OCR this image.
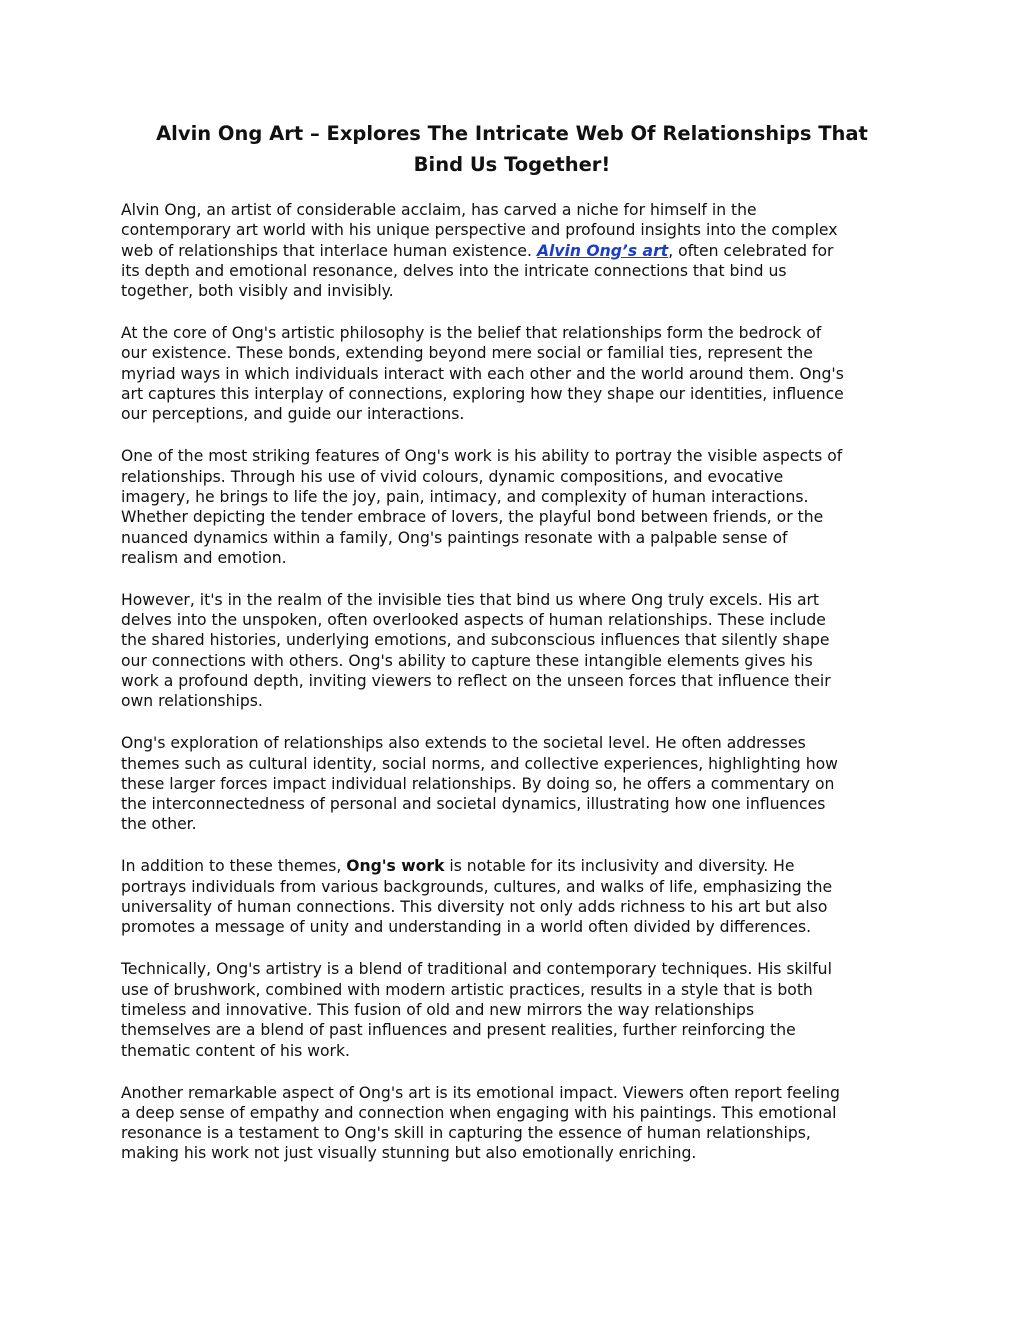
Alvin Ong Art – Explores The Intricate Web Of Relationships That
Bind Us Together!

Alvin Ong, an artist of considerable acclaim, has carved a niche for himself in the
contemporary art world with his unique perspective and profound insights into the complex
web of relationships that interlace human existence. Alvin Ong’s art, often celebrated for
its depth and emotional resonance, delves into the intricate connections that bind us
together, both visibly and invisibly.

At the core of Ong's artistic philosophy is the belief that relationships form the bedrock of
our existence. These bonds, extending beyond mere social or familial ties, represent the
myriad ways in which individuals interact with each other and the world around them. Ong's
art captures this interplay of connections, exploring how they shape our identities, influence
our perceptions, and guide our interactions.

One of the most striking features of Ong's work is his ability to portray the visible aspects of
relationships. Through his use of vivid colours, dynamic compositions, and evocative
imagery, he brings to life the joy, pain, intimacy, and complexity of human interactions.
Whether depicting the tender embrace of lovers, the playful bond between friends, or the
nuanced dynamics within a family, Ong's paintings resonate with a palpable sense of
realism and emotion.

However, it's in the realm of the invisible ties that bind us where Ong truly excels. His art
delves into the unspoken, often overlooked aspects of human relationships. These include
the shared histories, underlying emotions, and subconscious influences that silently shape
our connections with others. Ong's ability to capture these intangible elements gives his
work a profound depth, inviting viewers to reflect on the unseen forces that influence their
own relationships.

Ong's exploration of relationships also extends to the societal level. He often addresses
themes such as cultural identity, social norms, and collective experiences, highlighting how
these larger forces impact individual relationships. By doing so, he offers a commentary on
the interconnectedness of personal and societal dynamics, illustrating how one influences
the other.

In addition to these themes, Ong's work is notable for its inclusivity and diversity. He
portrays individuals from various backgrounds, cultures, and walks of life, emphasizing the
universality of human connections. This diversity not only adds richness to his art but also
promotes a message of unity and understanding in a world often divided by differences.

Technically, Ong's artistry is a blend of traditional and contemporary techniques. His skilful
use of brushwork, combined with modern artistic practices, results in a style that is both
timeless and innovative. This fusion of old and new mirrors the way relationships
themselves are a blend of past influences and present realities, further reinforcing the
thematic content of his work.

Another remarkable aspect of Ong's art is its emotional impact. Viewers often report feeling
a deep sense of empathy and connection when engaging with his paintings. This emotional
resonance is a testament to Ong's skill in capturing the essence of human relationships,
making his work not just visually stunning but also emotionally enriching.
